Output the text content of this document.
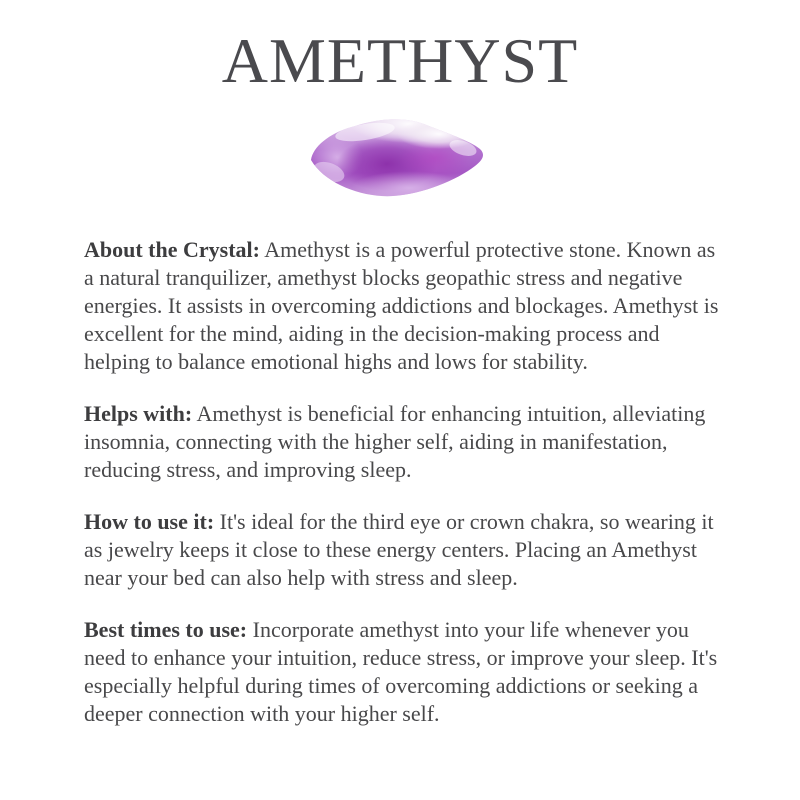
AMETHYST

About the Crystal: Amethyst is a powerful protective stone. Known as a natural tranquilizer, amethyst blocks geopathic stress and negative energies. It assists in overcoming addictions and blockages. Amethyst is excellent for the mind, aiding in the decision-making process and helping to balance emotional highs and lows for stability.

Helps with: Amethyst is beneficial for enhancing intuition, alleviating insomnia, connecting with the higher self, aiding in manifestation, reducing stress, and improving sleep.

How to use it: It's ideal for the third eye or crown chakra, so wearing it as jewelry keeps it close to these energy centers. Placing an Amethyst near your bed can also help with stress and sleep.

Best times to use: Incorporate amethyst into your life whenever you need to enhance your intuition, reduce stress, or improve your sleep. It's especially helpful during times of overcoming addictions or seeking a deeper connection with your higher self.
